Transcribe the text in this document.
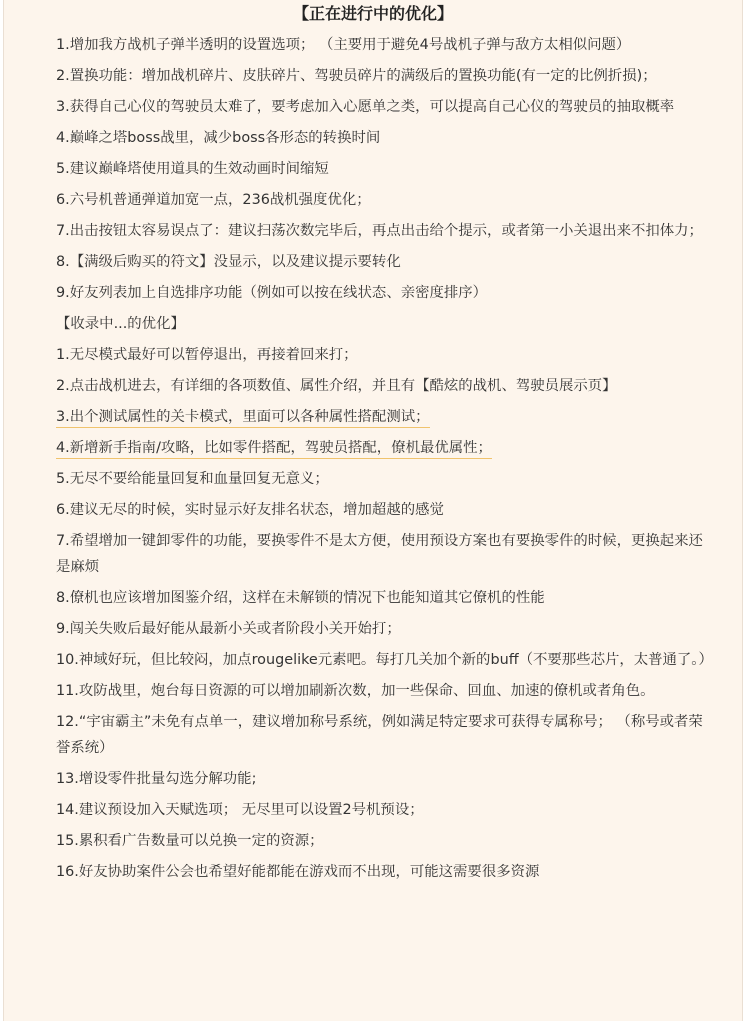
【正在进行中的优化】

1.增加我方战机子弹半透明的设置选项； （主要用于避免4号战机子弹与敌方太相似问题）

2.置换功能：增加战机碎片、皮肤碎片、驾驶员碎片的满级后的置换功能(有一定的比例折损)；

3.获得自己心仪的驾驶员太难了，要考虑加入心愿单之类，可以提高自己心仪的驾驶员的抽取概率

4.巅峰之塔boss战里，减少boss各形态的转换时间

5.建议巅峰塔使用道具的生效动画时间缩短

6.六号机普通弹道加宽一点，236战机强度优化；

7.出击按钮太容易误点了：建议扫荡次数完毕后，再点出击给个提示，或者第一小关退出来不扣体力；

8.【满级后购买的符文】没显示，以及建议提示要转化

9.好友列表加上自选排序功能（例如可以按在线状态、亲密度排序）

【收录中...的优化】

1.无尽模式最好可以暂停退出，再接着回来打；

2.点击战机进去，有详细的各项数值、属性介绍，并且有【酷炫的战机、驾驶员展示页】

3.出个测试属性的关卡模式，里面可以各种属性搭配测试；

4.新增新手指南/攻略，比如零件搭配，驾驶员搭配，僚机最优属性；

5.无尽不要给能量回复和血量回复无意义；

6.建议无尽的时候，实时显示好友排名状态，增加超越的感觉

7.希望增加一键卸零件的功能，要换零件不是太方便，使用预设方案也有要换零件的时候，更换起来还是麻烦

8.僚机也应该增加图鉴介绍，这样在未解锁的情况下也能知道其它僚机的性能

9.闯关失败后最好能从最新小关或者阶段小关开始打；

10.神域好玩，但比较闷，加点rougelike元素吧。每打几关加个新的buff（不要那些芯片，太普通了。）

11.攻防战里，炮台每日资源的可以增加刷新次数，加一些保命、回血、加速的僚机或者角色。

12.“宇宙霸主”未免有点单一，建议增加称号系统，例如满足特定要求可获得专属称号； （称号或者荣誉系统）

13.增设零件批量勾选分解功能;

14.建议预设加入天赋选项； 无尽里可以设置2号机预设；

15.累积看广告数量可以兑换一定的资源；

16.好友协助案件公会也希望好能都能在游戏而不出现，可能这需要很多资源
